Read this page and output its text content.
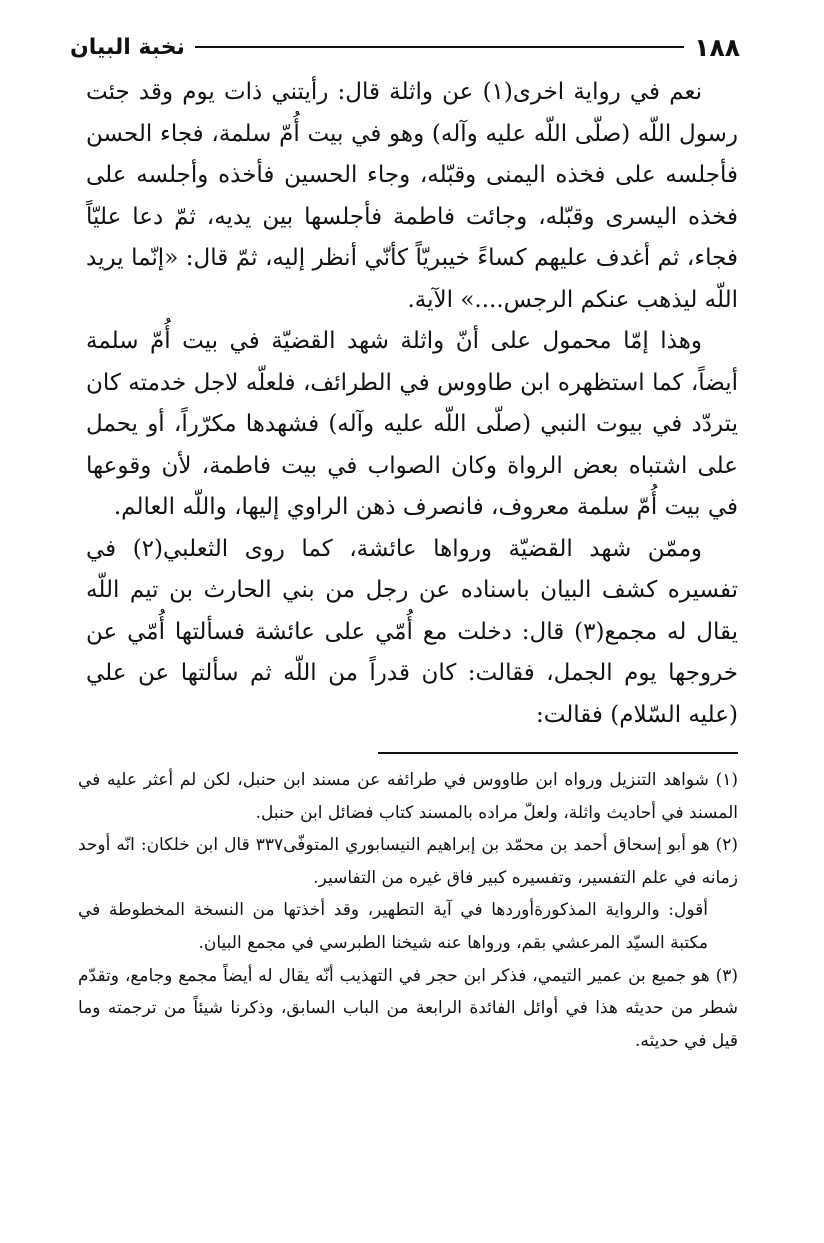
١٨٨
نخبة البيان

نعم في رواية اخرى(١) عن واثلة قال: رأيتني ذات يوم وقد جئت رسول اللّه (صلّى اللّه عليه وآله) وهو في بيت أُمّ سلمة، فجاء الحسن فأجلسه على فخذه اليمنى وقبّله، وجاء الحسين فأخذه وأجلسه على فخذه اليسرى وقبّله، وجائت فاطمة فأجلسها بين يديه، ثمّ دعا عليّاً فجاء، ثم أغدف عليهم كساءً خيبريّاً كأنّي أنظر إليه، ثمّ قال: «إنّما يريد اللّه ليذهب عنكم الرجس....» الآية.

وهذا إمّا محمول على أنّ واثلة شهد القضيّة في بيت أُمّ سلمة أيضاً، كما استظهره ابن طاووس في الطرائف، فلعلّه لاجل خدمته كان يتردّد في بيوت النبي (صلّى اللّه عليه وآله) فشهدها مكرّراً، أو يحمل على اشتباه بعض الرواة وكان الصواب في بيت فاطمة، لأن وقوعها في بيت أُمّ سلمة معروف، فانصرف ذهن الراوي إليها، واللّه العالم.

وممّن شهد القضيّة ورواها عائشة، كما روى الثعلبي(٢) في تفسيره كشف البيان باسناده عن رجل من بني الحارث بن تيم اللّه يقال له مجمع(٣) قال: دخلت مع أُمّي على عائشة فسألتها أُمّي عن خروجها يوم الجمل، فقالت: كان قدراً من اللّه ثم سألتها عن علي (عليه السّلام) فقالت:

(١) شواهد التنزيل ورواه ابن طاووس في طرائفه عن مسند ابن حنبل، لكن لم أعثر عليه في المسند في أحاديث واثلة، ولعلّ مراده بالمسند كتاب فضائل ابن حنبل.

(٢) هو أبو إسحاق أحمد بن محمّد بن إبراهيم النيسابوري المتوفّى٣٣٧ قال ابن خلكان: انّه أوحد زمانه في علم التفسير، وتفسيره كبير فاق غيره من التفاسير.

أقول: والرواية المذكورةأوردها في آية التطهير، وقد أخذتها من النسخة المخطوطة في مكتبة السيّد المرعشي بقم، ورواها عنه شيخنا الطبرسي في مجمع البيان.

(٣) هو جميع بن عمير التيمي، فذكر ابن حجر في التهذيب أنّه يقال له أيضاً مجمع وجامع، وتقدّم شطر من حديثه هذا في أوائل الفائدة الرابعة من الباب السابق، وذكرنا شيئاً من ترجمته وما قيل في حديثه.
